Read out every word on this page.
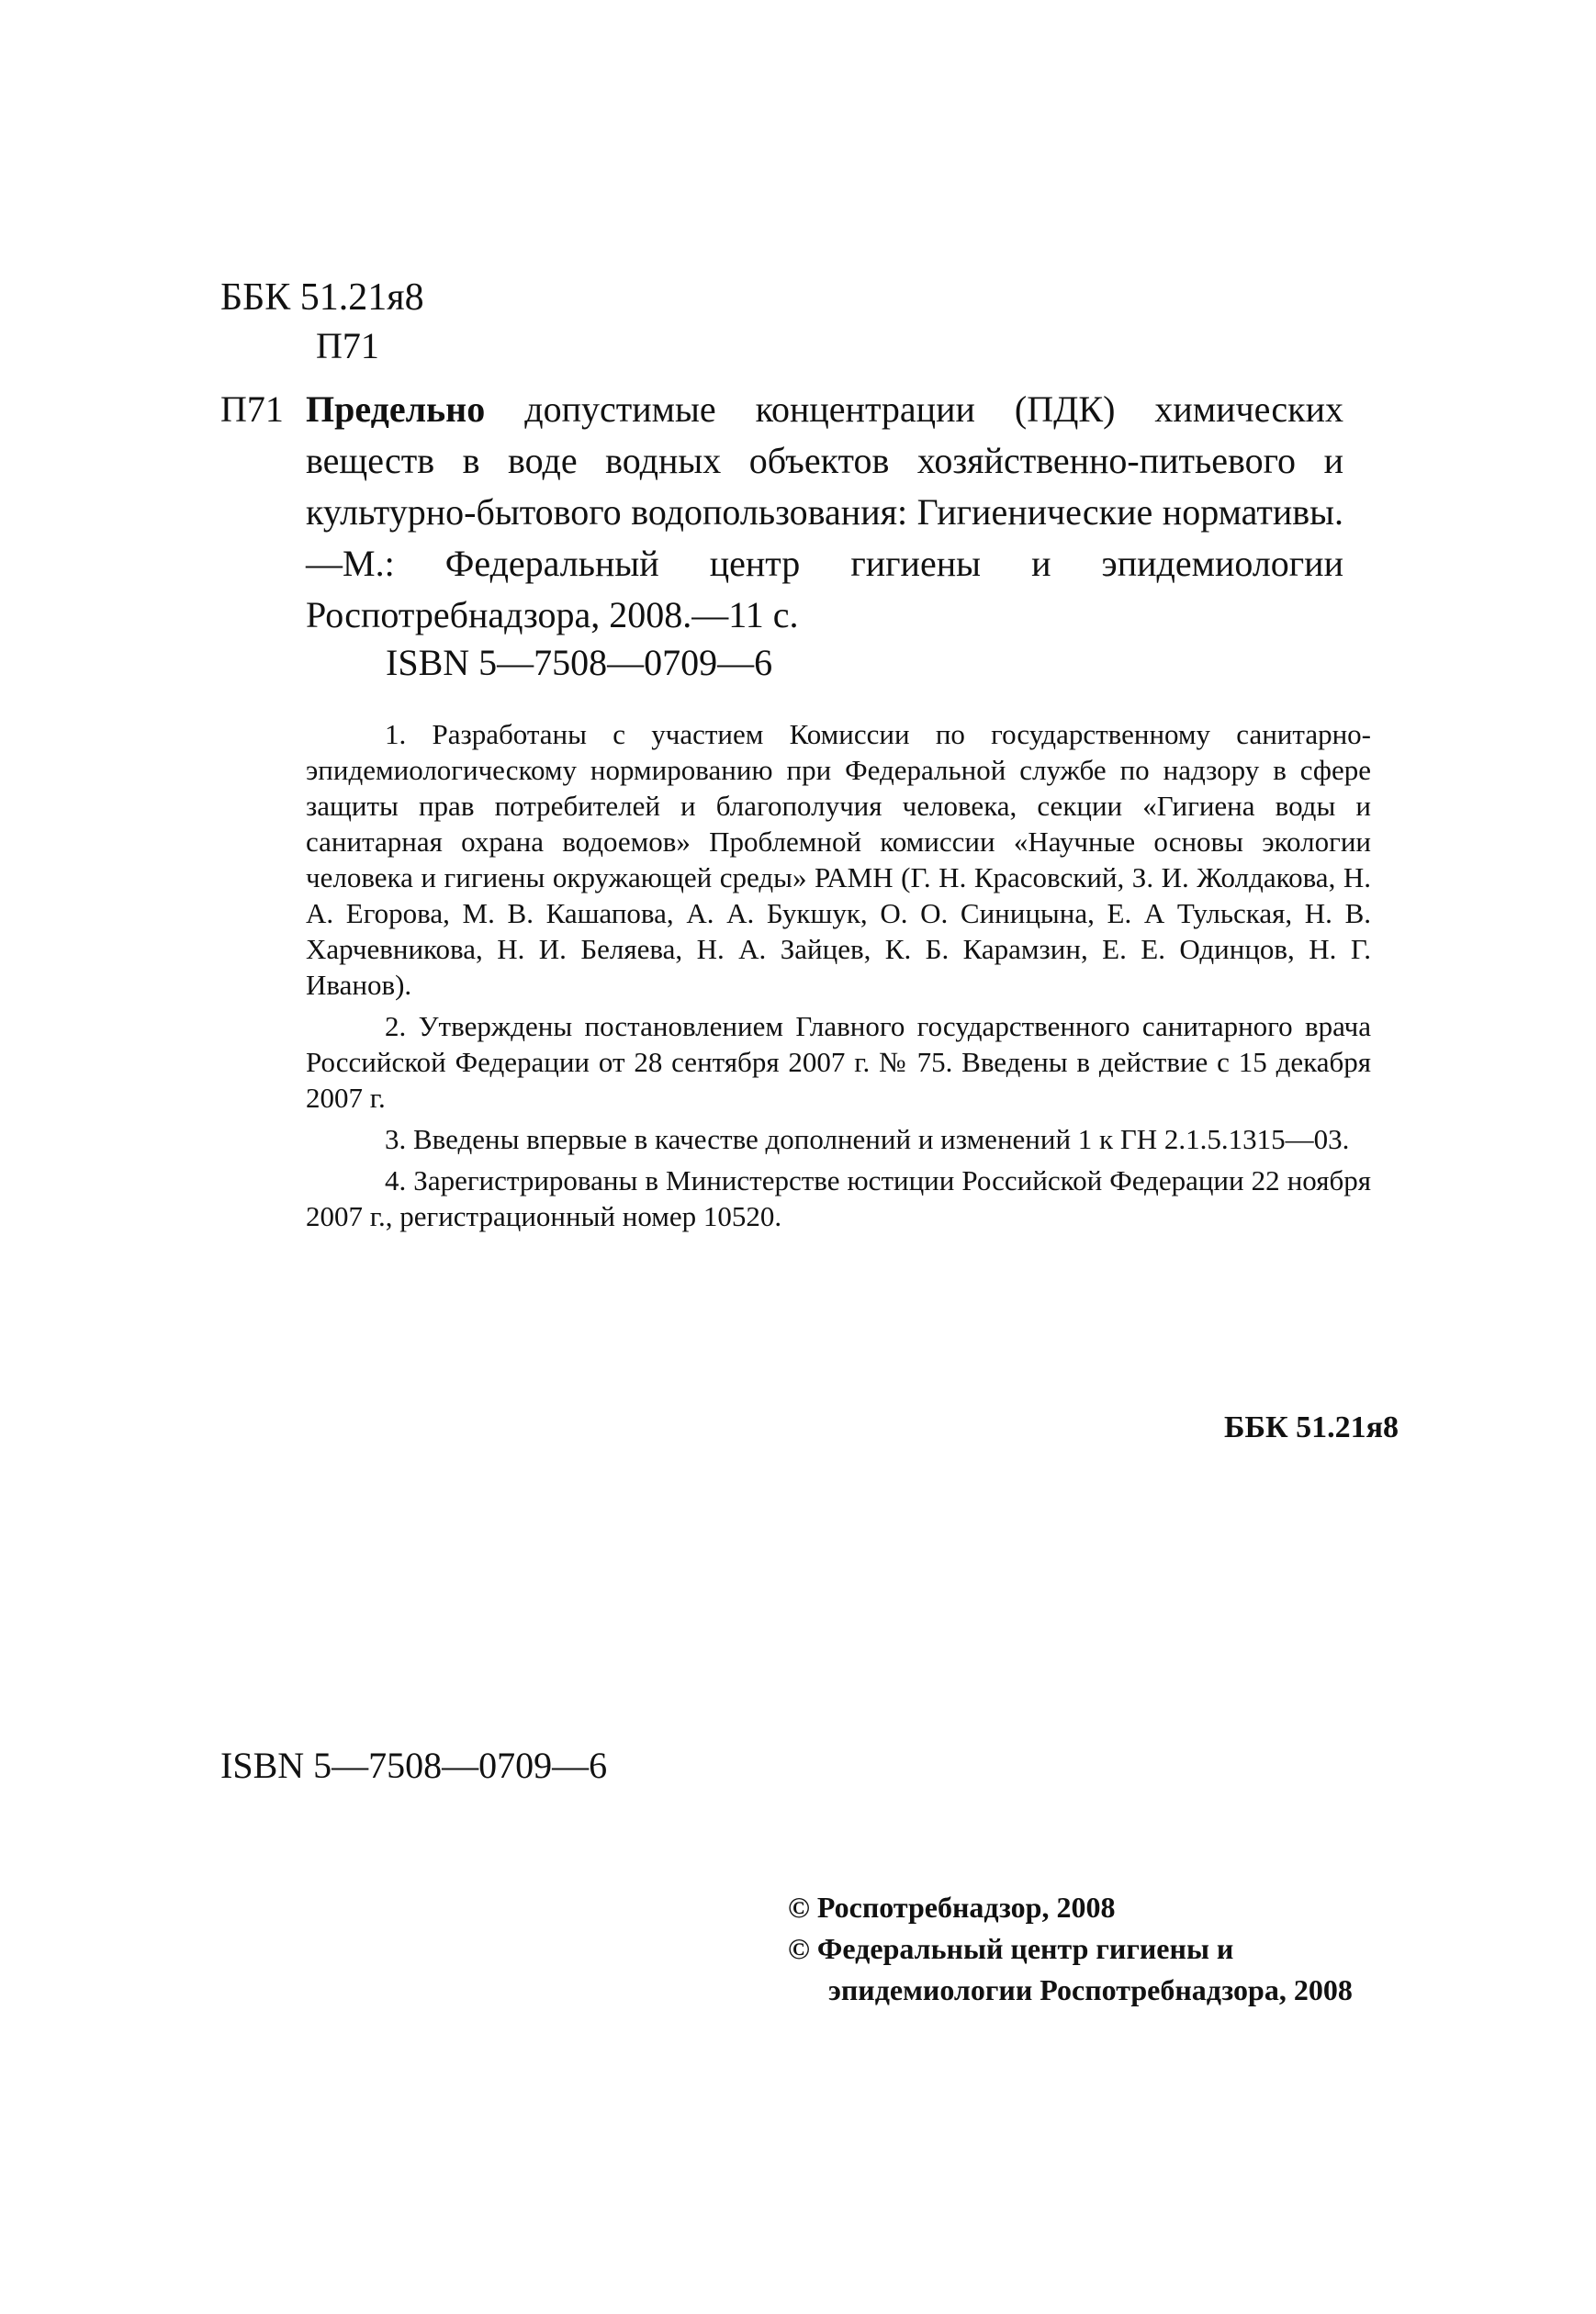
ББК 51.21я8
П71
П71 Предельно допустимые концентрации (ПДК) химических веществ в воде водных объектов хозяйственно-питьевого и культурно-бытового водопользования: Гигиенические нормативы.—М.: Федеральный центр гигиены и эпидемиологии Роспотребнадзора, 2008.—11 с.
ISBN 5—7508—0709—6

1. Разработаны с участием Комиссии по государственному санитарно-эпидемиологическому нормированию при Федеральной службе по надзору в сфере защиты прав потребителей и благополучия человека, секции «Гигиена воды и санитарная охрана водоемов» Проблемной комиссии «Научные основы экологии человека и гигиены окружающей среды» РАМН (Г. Н. Красовский, З. И. Жолдакова, Н. А. Егорова, М. В. Кашапова, А. А. Букшук, О. О. Синицына, Е. А Тульская, Н. В. Харчевникова, Н. И. Беляева, Н. А. Зайцев, К. Б. Карамзин, Е. Е. Одинцов, Н. Г. Иванов).

2. Утверждены постановлением Главного государственного санитарного врача Российской Федерации от 28 сентября 2007 г. № 75. Введены в действие с 15 декабря 2007 г.

3. Введены впервые в качестве дополнений и изменений 1 к ГН 2.1.5.1315—03.

4. Зарегистрированы в Министерстве юстиции Российской Федерации 22 ноября 2007 г., регистрационный номер 10520.

ББК 51.21я8
ISBN 5—7508—0709—6
© Роспотребнадзор, 2008
© Федеральный центр гигиены и
эпидемиологии Роспотребнадзора, 2008
